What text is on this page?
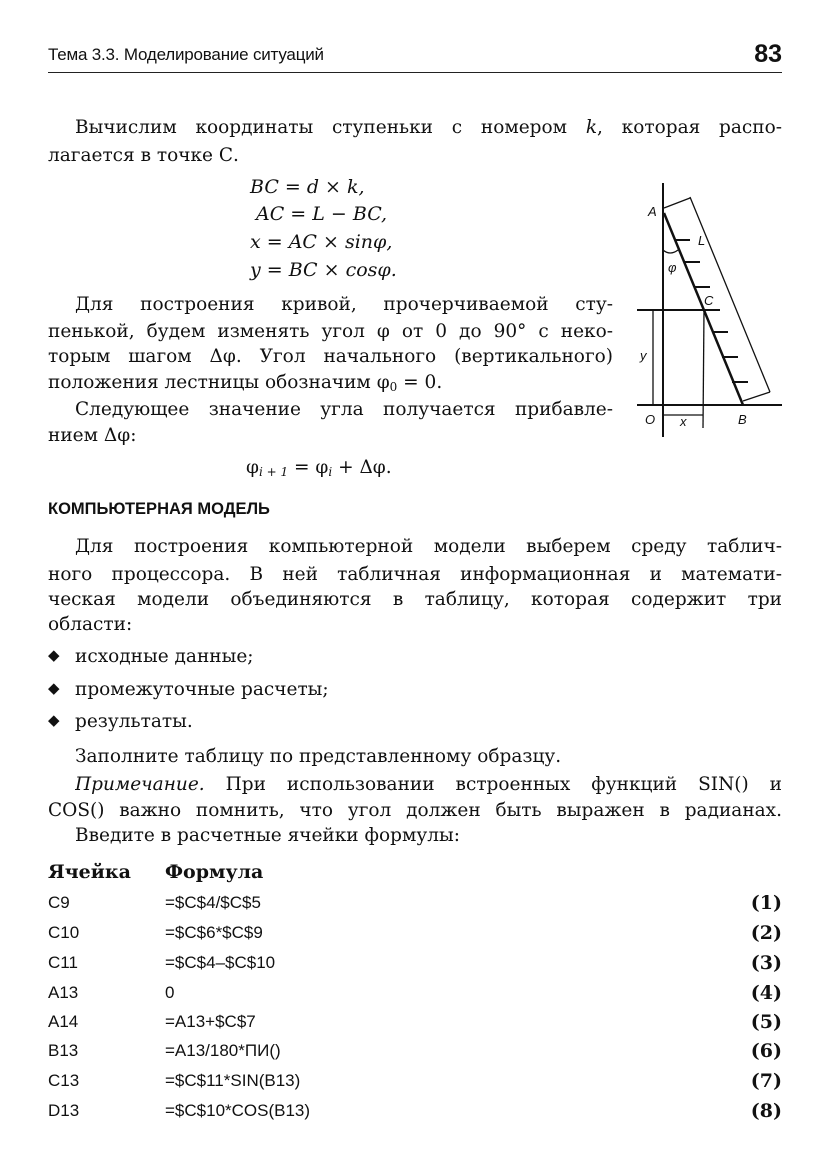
Тема 3.3. Моделирование ситуаций	83
Вычислим координаты ступеньки с номером k, которая распо-
лагается в точке С.
BC = d × k,
AC = L − BC,
x = AC × sinφ,
y = BC × cosφ.
Для построения кривой, прочерчиваемой сту-
пенькой, будем изменять угол φ от 0 до 90° с неко-
торым шагом Δφ. Угол начального (вертикального)
положения лестницы обозначим $\varphi_0 = 0$.
Следующее значение угла получается прибавле-
нием Δφ:
$\varphi_{i + 1} = \varphi_i + \Delta\varphi$.
A
L
φ
C
y
O x	B
КОМПЬЮТЕРНАЯ МОДЕЛЬ
Для построения компьютерной модели выберем среду таблич-
ного процессора. В ней табличная информационная и математи-
ческая модели объединяются в таблицу, которая содержит три
области:
◆ исходные данные;
◆ промежуточные расчеты;
◆ результаты.
Заполните таблицу по представленному образцу.
Примечание. При использовании встроенных функций SIN() и
COS() важно помнить, что угол должен быть выражен в радианах.
Введите в расчетные ячейки формулы:
Ячейка Формула
C9	=$C$4/$C$5	(1)
C10	=$C$6*$C$9	(2)
C11	=$C$4–$C$10	(3)
A13	0	(4)
A14	=A13+$C$7	(5)
B13	=A13/180*ПИ()	(6)
C13	=$C$11*SIN(B13)	(7)
D13	=$C$10*COS(B13)	(8)
